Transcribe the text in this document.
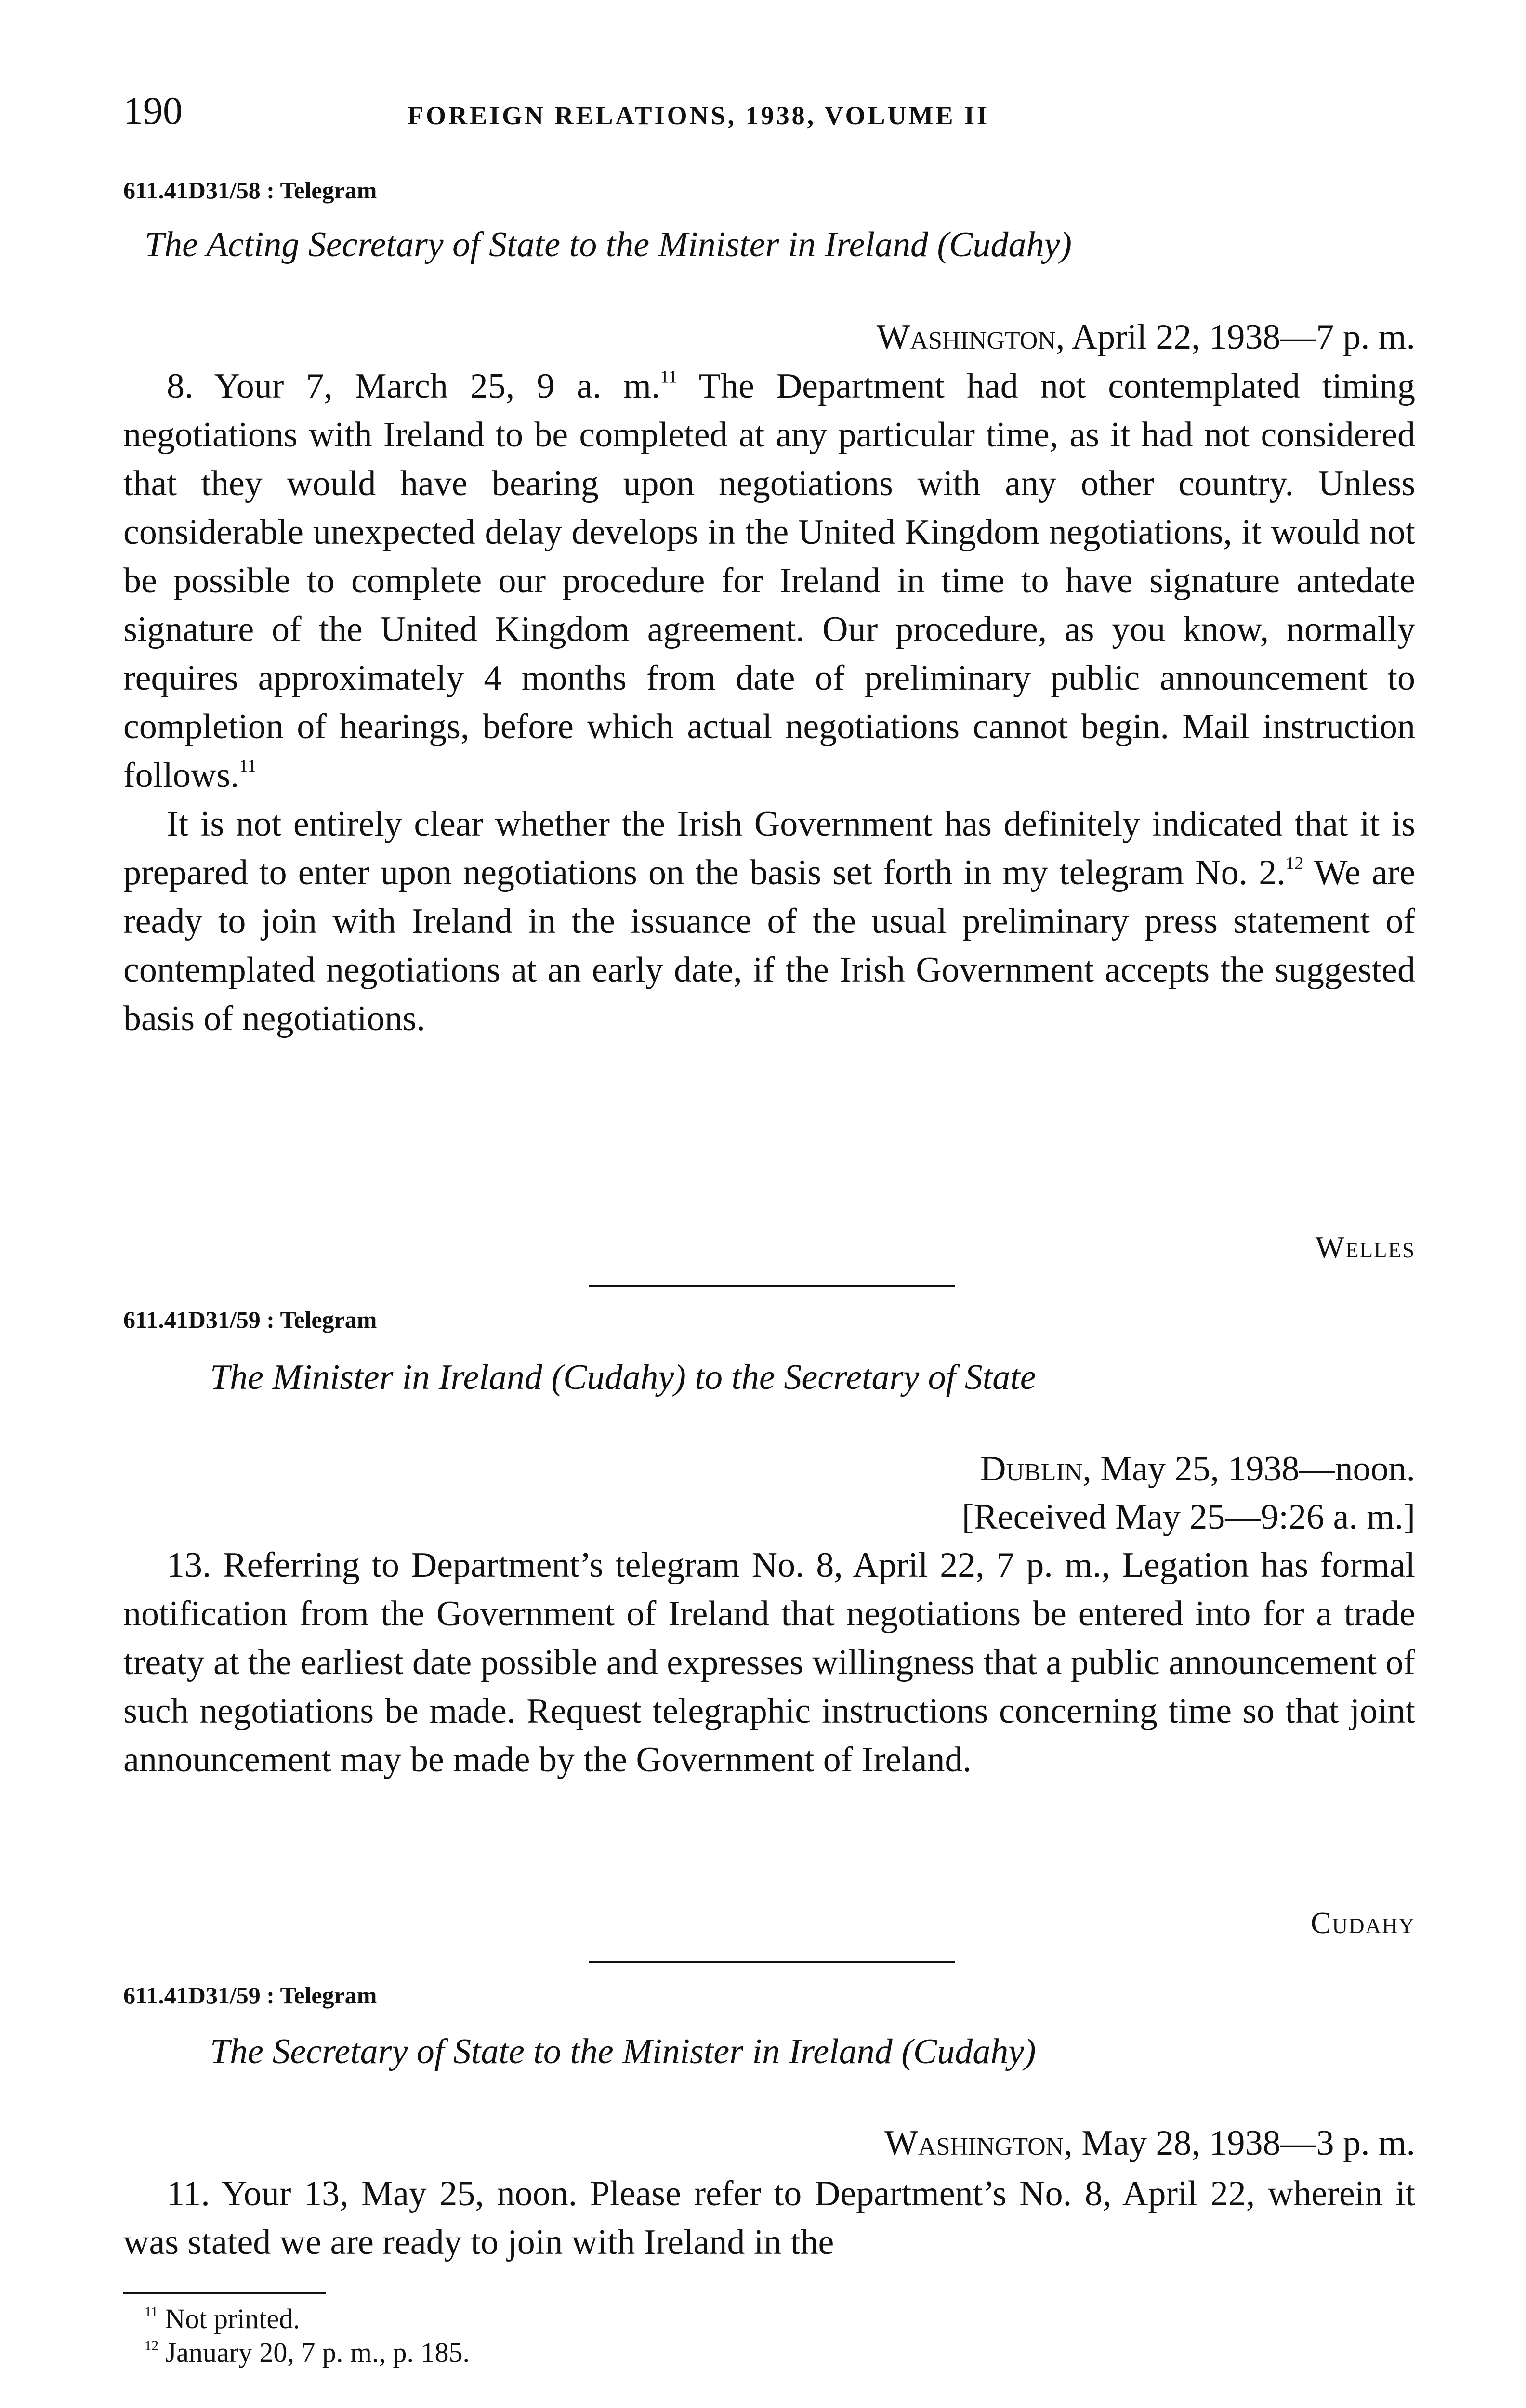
190	FOREIGN RELATIONS, 1938, VOLUME II
611.41D31/58 : Telegram
The Acting Secretary of State to the Minister in Ireland (Cudahy)
Washington, April 22, 1938—7 p. m.

8. Your 7, March 25, 9 a. m.$^{11}$ The Department had not contemplated timing negotiations with Ireland to be completed at any particular time, as it had not considered that they would have bearing upon negotiations with any other country. Unless considerable unexpected delay develops in the United Kingdom negotiations, it would not be possible to complete our procedure for Ireland in time to have signature antedate signature of the United Kingdom agreement. Our procedure, as you know, normally requires approximately 4 months from date of preliminary public announcement to completion of hearings, before which actual negotiations cannot begin. Mail instruction follows.$^{11}$

It is not entirely clear whether the Irish Government has definitely indicated that it is prepared to enter upon negotiations on the basis set forth in my telegram No. 2.12 We are ready to join with Ireland in the issuance of the usual preliminary press statement of contemplated negotiations at an early date, if the Irish Government accepts the suggested basis of negotiations.

Welles
611.41D31/59 : Telegram
The Minister in Ireland (Cudahy) to the Secretary of State
Dublin, May 25, 1938—noon.
[Received May 25—9:26 a. m.]

13. Referring to Department’s telegram No. 8, April 22, 7 p. m., Legation has formal notification from the Government of Ireland that negotiations be entered into for a trade treaty at the earliest date possible and expresses willingness that a public announcement of such negotiations be made. Request telegraphic instructions concerning time so that joint announcement may be made by the Government of Ireland.

Cudahy
611.41D31/59 : Telegram
The Secretary of State to the Minister in Ireland (Cudahy)
Washington, May 28, 1938—3 p. m.

11. Your 13, May 25, noon. Please refer to Department’s No. 8, April 22, wherein it was stated we are ready to join with Ireland in the

$^{11}$ Not printed.
$^{12}$ January 20, 7 p. m., p. 185.
